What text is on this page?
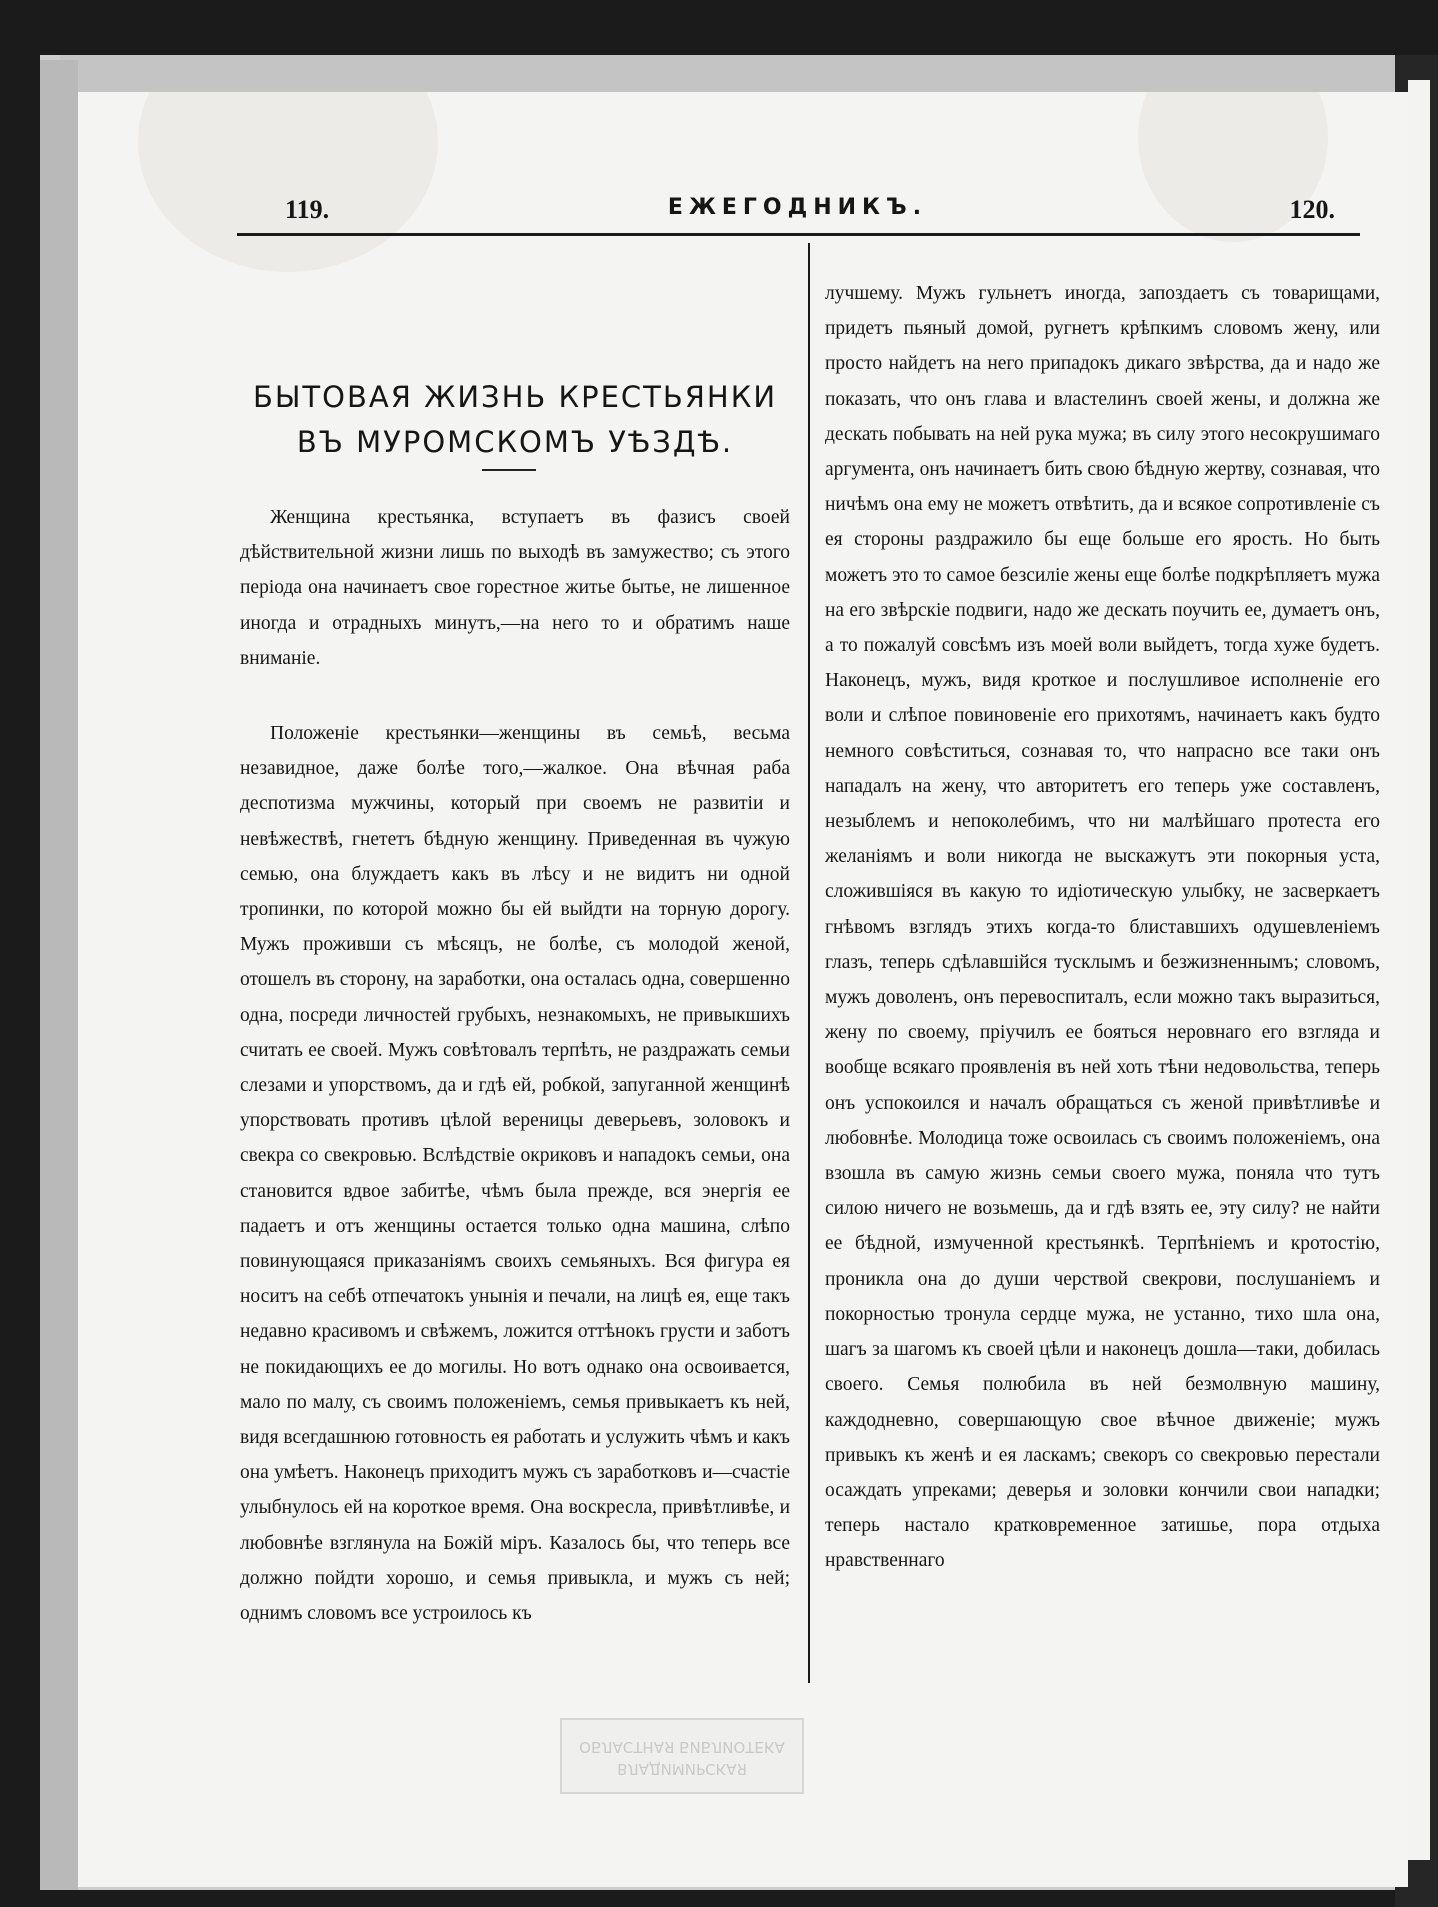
119.	ЕЖЕГОДНИКЪ.	120.
БЫТОВАЯ ЖИЗНЬ КРЕСТЬЯНКИ
ВЪ МУРОМСКОМЪ УѢЗДѢ.

Женщина крестьянка, вступаетъ въ фазисъ своей дѣйствительной жизни лишь по выходѣ въ замужество; съ этого періода она начинаетъ свое горестное житье бытье, не лишенное иногда и отрадныхъ минутъ,—на него то и обратимъ наше вниманіе.

Положеніе крестьянки—женщины въ семьѣ, весьма незавидное, даже болѣе того,—жалкое. Она вѣчная раба деспотизма мужчины, который при своемъ не развитіи и невѣжествѣ, гнететъ бѣдную женщину. Приведенная въ чужую семью, она блуждаетъ какъ въ лѣсу и не видитъ ни одной тропинки, по которой можно бы ей выйдти на торную дорогу. Мужъ проживши съ мѣсяцъ, не болѣе, съ молодой женой, отошелъ въ сторону, на заработки, она осталась одна, совершенно одна, посреди личностей грубыхъ, незнакомыхъ, не привыкшихъ считать ее своей. Мужъ совѣтовалъ терпѣть, не раздражать семьи слезами и упорствомъ, да и гдѣ ей, робкой, запуганной женщинѣ упорствовать противъ цѣлой вереницы деверьевъ, золовокъ и свекра со свекровью. Вслѣдствіе окриковъ и нападокъ семьи, она становится вдвое забитѣе, чѣмъ была прежде, вся энергія ее падаетъ и отъ женщины остается только одна машина, слѣпо повинующаяся приказаніямъ своихъ семьяныхъ. Вся фигура ея носитъ на себѣ отпечатокъ унынія и печали, на лицѣ ея, еще такъ недавно красивомъ и свѣжемъ, ложится оттѣнокъ грусти и заботъ не покидающихъ ее до могилы. Но вотъ однако она освоивается, мало по малу, съ своимъ положеніемъ, семья привыкаетъ къ ней, видя всегдашнюю готовность ея работать и услужить чѣмъ и какъ она умѣетъ. Наконецъ приходитъ мужъ съ заработковъ и—счастіе улыбнулось ей на короткое время. Она воскресла, привѣтливѣе, и любовнѣе взглянула на Божій міръ. Казалось бы, что теперь все должно пойдти хорошо, и семья привыкла, и мужъ съ ней; однимъ словомъ все устроилось къ

лучшему. Мужъ гульнетъ иногда, запоздаетъ съ товарищами, придетъ пьяный домой, ругнетъ крѣпкимъ словомъ жену, или просто найдетъ на него припадокъ дикаго звѣрства, да и надо же показать, что онъ глава и властелинъ своей жены, и должна же дескать побывать на ней рука мужа; въ силу этого несокрушимаго аргумента, онъ начинаетъ бить свою бѣдную жертву, сознавая, что ничѣмъ она ему не можетъ отвѣтить, да и всякое сопротивленіе съ ея стороны раздражило бы еще больше его ярость. Но быть можетъ это то самое безсиліе жены еще болѣе подкрѣпляетъ мужа на его звѣрскіе подвиги, надо же дескать поучить ее, думаетъ онъ, а то пожалуй совсѣмъ изъ моей воли выйдетъ, тогда хуже будетъ. Наконецъ, мужъ, видя кроткое и послушливое исполненіе его воли и слѣпое повиновеніе его прихотямъ, начинаетъ какъ будто немного совѣститься, сознавая то, что напрасно все таки онъ нападалъ на жену, что авторитетъ его теперь уже составленъ, незыблемъ и непоколебимъ, что ни малѣйшаго протеста его желаніямъ и воли никогда не выскажутъ эти покорныя уста, сложившіяся въ какую то идіотическую улыбку, не засверкаетъ гнѣвомъ взглядъ этихъ когда-то блиставшихъ одушевленіемъ глазъ, теперь сдѣлавшійся тусклымъ и безжизненнымъ; словомъ, мужъ доволенъ, онъ перевоспиталъ, если можно такъ выразиться, жену по своему, пріучилъ ее бояться неровнаго его взгляда и вообще всякаго проявленія въ ней хоть тѣни недовольства, теперь онъ успокоился и началъ обращаться съ женой привѣтливѣе и любовнѣе. Молодица тоже освоилась съ своимъ положеніемъ, она взошла въ самую жизнь семьи своего мужа, поняла что тутъ силою ничего не возьмешь, да и гдѣ взять ее, эту силу? не найти ее бѣдной, измученной крестьянкѣ. Терпѣніемъ и кротостію, проникла она до души черствой свекрови, послушаніемъ и покорностью тронула сердце мужа, не устанно, тихо шла она, шагъ за шагомъ къ своей цѣли и наконецъ дошла—таки, добилась своего. Семья полюбила въ ней безмолвную машину, каждодневно, совершающую свое вѣчное движеніе; мужъ привыкъ къ женѣ и ея ласкамъ; свекоръ со свекровью перестали осаждать упреками; деверья и золовки кончили свои нападки; теперь настало кратковременное затишье, пора отдыха нравственнаго

ВЛАДИМИРСКАЯ
ОБЛАСТНАЯ БИБЛИОТЕКА
